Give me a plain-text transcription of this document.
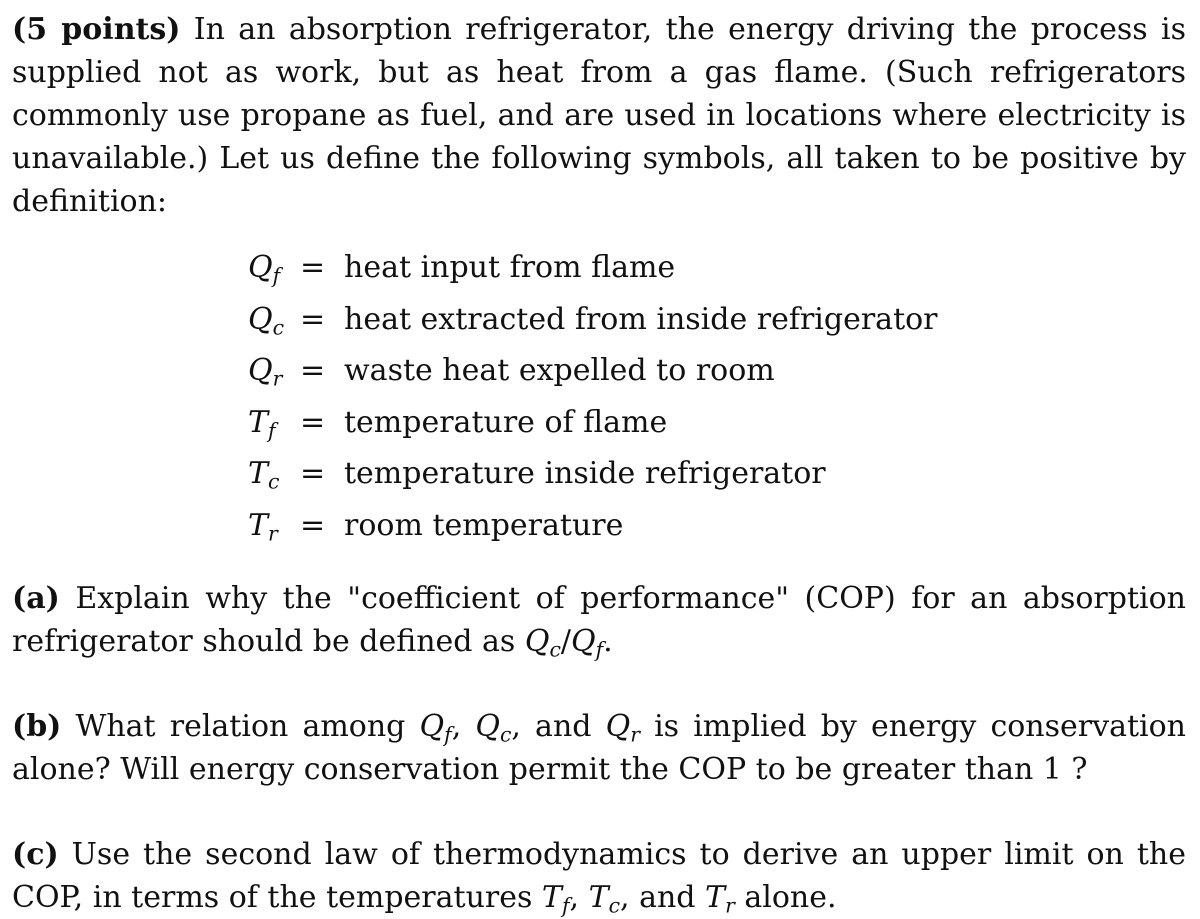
(5 points) In an absorption refrigerator, the energy driving the process is supplied not as work, but as heat from a gas flame. (Such refrigerators commonly use propane as fuel, and are used in locations where electricity is unavailable.) Let us define the following symbols, all taken to be positive by definition:

$Q_f$	=	heat input from flame
$Q_c$	=	heat extracted from inside refrigerator
$Q_r$	=	waste heat expelled to room
$T_f$	=	temperature of flame
$T_c$	=	temperature inside refrigerator
$T_r$	=	room temperature

(a) Explain why the "coefficient of performance" (COP) for an absorption refrigerator should be defined as $Q_c/Q_f$.

(b) What relation among $Q_f$, $Q_c$, and $Q_r$ is implied by energy conservation alone? Will energy conservation permit the COP to be greater than 1 ?

(c) Use the second law of thermodynamics to derive an upper limit on the COP, in terms of the temperatures $T_f$, $T_c$, and $T_r$ alone.
